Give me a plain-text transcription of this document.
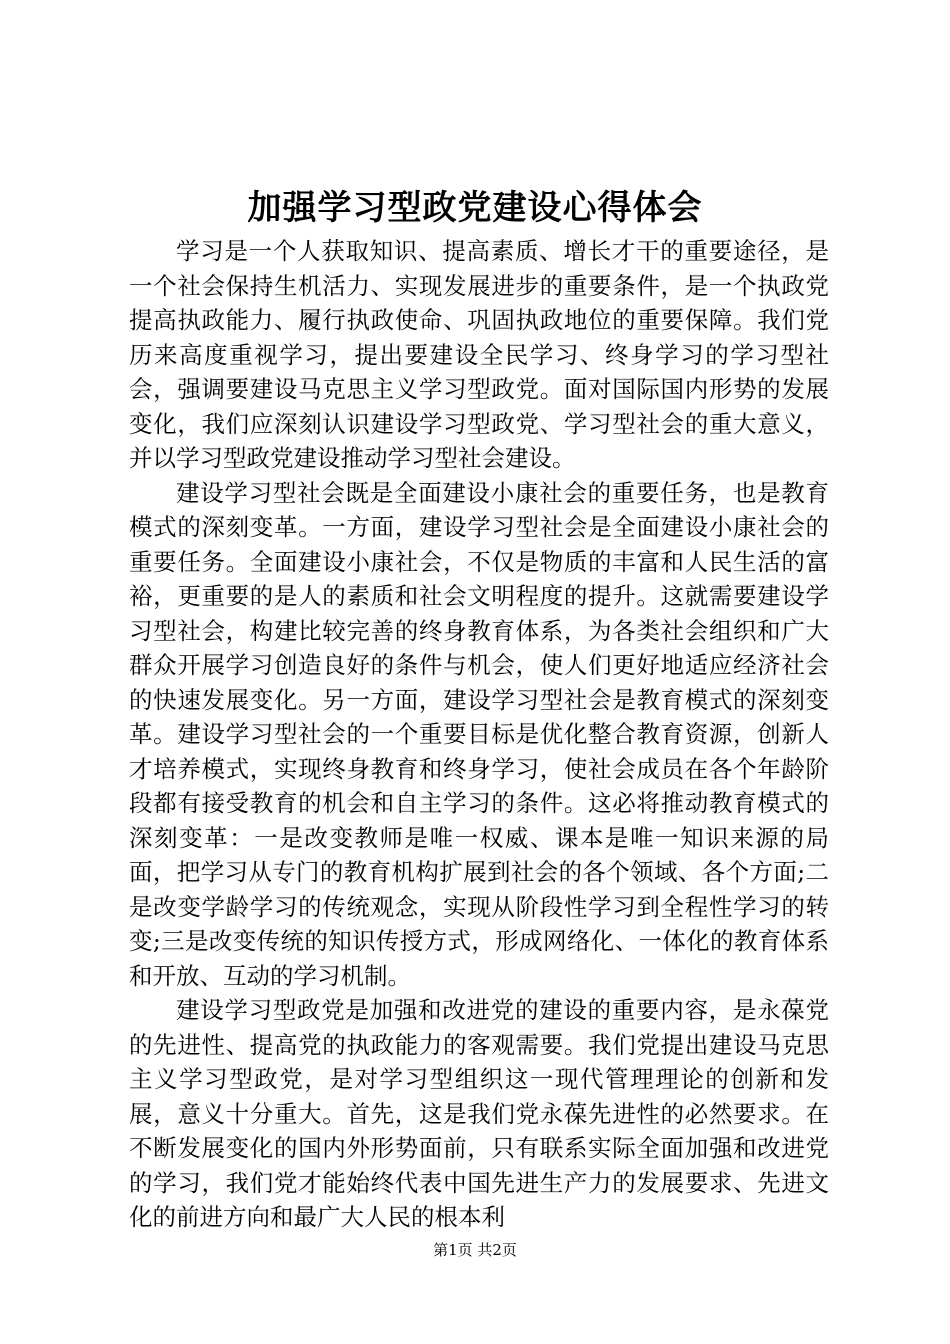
加强学习型政党建设心得体会

学习是一个人获取知识、提高素质、增长才干的重要途径，是一个社会保持生机活力、实现发展进步的重要条件，是一个执政党提高执政能力、履行执政使命、巩固执政地位的重要保障。我们党历来高度重视学习，提出要建设全民学习、终身学习的学习型社会，强调要建设马克思主义学习型政党。面对国际国内形势的发展变化，我们应深刻认识建设学习型政党、学习型社会的重大意义，并以学习型政党建设推动学习型社会建设。

建设学习型社会既是全面建设小康社会的重要任务，也是教育模式的深刻变革。一方面，建设学习型社会是全面建设小康社会的重要任务。全面建设小康社会，不仅是物质的丰富和人民生活的富裕，更重要的是人的素质和社会文明程度的提升。这就需要建设学习型社会，构建比较完善的终身教育体系，为各类社会组织和广大群众开展学习创造良好的条件与机会，使人们更好地适应经济社会的快速发展变化。另一方面，建设学习型社会是教育模式的深刻变革。建设学习型社会的一个重要目标是优化整合教育资源，创新人才培养模式，实现终身教育和终身学习，使社会成员在各个年龄阶段都有接受教育的机会和自主学习的条件。这必将推动教育模式的深刻变革：一是改变教师是唯一权威、课本是唯一知识来源的局面，把学习从专门的教育机构扩展到社会的各个领域、各个方面;二是改变学龄学习的传统观念，实现从阶段性学习到全程性学习的转变;三是改变传统的知识传授方式，形成网络化、一体化的教育体系和开放、互动的学习机制。

建设学习型政党是加强和改进党的建设的重要内容，是永葆党的先进性、提高党的执政能力的客观需要。我们党提出建设马克思主义学习型政党，是对学习型组织这一现代管理理论的创新和发展，意义十分重大。首先，这是我们党永葆先进性的必然要求。在不断发展变化的国内外形势面前，只有联系实际全面加强和改进党的学习，我们党才能始终代表中国先进生产力的发展要求、先进文化的前进方向和最广大人民的根本利

第1页 共2页
